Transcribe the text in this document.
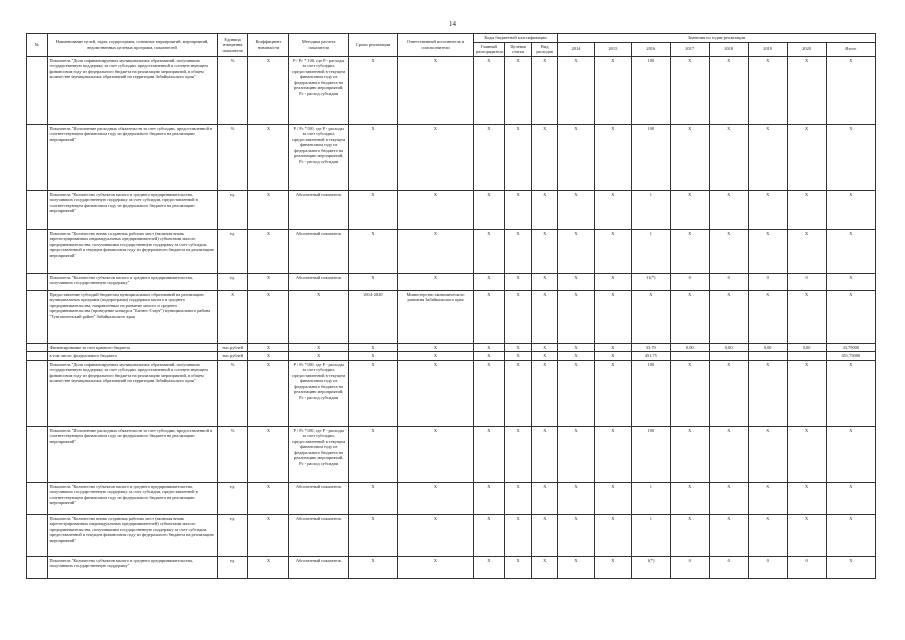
14
№	Наименование целей, задач, подпрограмм, основных мероприятий, мероприятий, ведомственных целевых программ, показателей	Единица измерения показателя	Коэффициент значимости	Методика расчета показателя	Сроки реализации	Ответственный исполнитель и соисполнители	Коды бюджетной классификации			Значения по годам реализации							
							Главный распорядитель	Целевая статья	Вид расходов	2014	2015	2016	2017	2018	2019	2020	Итого
	Показатель "Доля софинансируемых муниципальных образований, получивших государственную поддержку за счет субсидии, предоставленной в соответствующем финансовом году из федерального бюджета на реализацию мероприятий, в общем количестве муниципальных образований на территории Забайкальского края"	%	X	P / Pc * 100, где P - расходы за счет субсидии, предоставленной в текущем финансовом году из федерального бюджета на реализацию мероприятий, Pc - расход субсидии	X	X	X	X	X	X	X	100	X	X	X	X	X
	Показатель "Исполнение расходных обязательств за счет субсидии, предоставленной в соответствующем финансовом году из федерального бюджета на реализацию мероприятий"	%	X	P / Pc *100, где P - расходы за счет субсидии, предоставленной в текущем финансовом году из федерального бюджета на реализацию мероприятий, Pc - расход субсидии	X	X	X	X	X	X	X	100	X	X	X	X	X
	Показатель "Количество субъектов малого и среднего предпринимательства, получивших государственную поддержку за счет субсидии, предоставленной в соответствующем финансовом году из федерального бюджета на реализацию мероприятий"	ед.	X	Абсолютный показатель	X	X	X	X	X	X	X	1	X	X	X	X	X
	Показатель "Количество вновь созданных рабочих мест (включая вновь зарегистрированных индивидуальных предпринимателей) субъектами малого предпринимательства, получившими государственную поддержку за счет субсидии, предоставленной в текущем финансовом году из федерального бюджета на реализацию мероприятий"	ед.	X	Абсолютный показатель	X	X	X	X	X	X	X	1	X	X	X	X	X
	Показатель "Количество субъектов малого и среднего предпринимательства, получивших государственную поддержку"	ед.	X	Абсолютный показатель	X	X	X	X	X	X	X	11(*)	0	0	0	0	X
	Предоставление субсидий бюджетам муниципальных образований на реализацию муниципальных программ (подпрограмм) поддержки малого и среднего предпринимательства, направленных на развитие малого и среднего предпринимательства (проведение конкурса "Бизнес-Старт") муниципального района "Тунгокоченский район" Забайкальского края	X	X	X	2014-2020	Министерство экономического развития Забайкальского края	X	X	X	X	X	X	X	X	X	X	X
	Финансирование за счет краевого бюджета	тыс.рублей	X	X	X	X	X	X	X	X	X	33,79	0,00	0,00	0,00	0,00	33,79000
	в том числе: федерального бюджета	тыс.рублей	X	X	X	X	X	X	X	X	X	451,75					451,75000
	Показатель "Доля софинансируемых муниципальных образований, получивших государственную поддержку за счет субсидии, предоставленной в соответствующем финансовом году из федерального бюджета на реализацию мероприятий, в общем количестве муниципальных образований на территории Забайкальского края"	%	X	P / Pc *100, где P - расходы за счет субсидии, предоставленной в текущем финансовом году из федерального бюджета на реализацию мероприятий, Pc - расход субсидии	X	X	X	X	X	X	X	100	X	X	X	X	X
	Показатель "Исполнение расходных обязательств за счет субсидии, предоставленной в соответствующем финансовом году из федерального бюджета на реализацию мероприятий"	%	X	P / Pc *100, где P - расходы за счет субсидии, предоставленной в текущем финансовом году из федерального бюджета на реализацию мероприятий, Pc - расход субсидии	X	X	X	X	X	X	X	100	X	X	X	X	X
	Показатель "Количество субъектов малого и среднего предпринимательства, получивших государственную поддержку за счет субсидии, предоставленной в соответствующем финансовом году из федерального бюджета на реализацию мероприятий"	ед.	X	Абсолютный показатель	X	X	X	X	X	X	X	1	X	X	X	X	X
	Показатель "Количество вновь созданных рабочих мест (включая вновь зарегистрированных индивидуальных предпринимателей) субъектами малого предпринимательства, получившими государственную поддержку за счет субсидии, предоставленной в текущем финансовом году из федерального бюджета на реализацию мероприятий"	ед.	X	Абсолютный показатель	X	X	X	X	X	X	X	1	X	X	X	X	X
	Показатель "Количество субъектов малого и среднего предпринимательства, получивших государственную поддержку"	ед.	X	Абсолютный показатель	X	X	X	X	X	X	X	1(*)	0	0	0	0	X
